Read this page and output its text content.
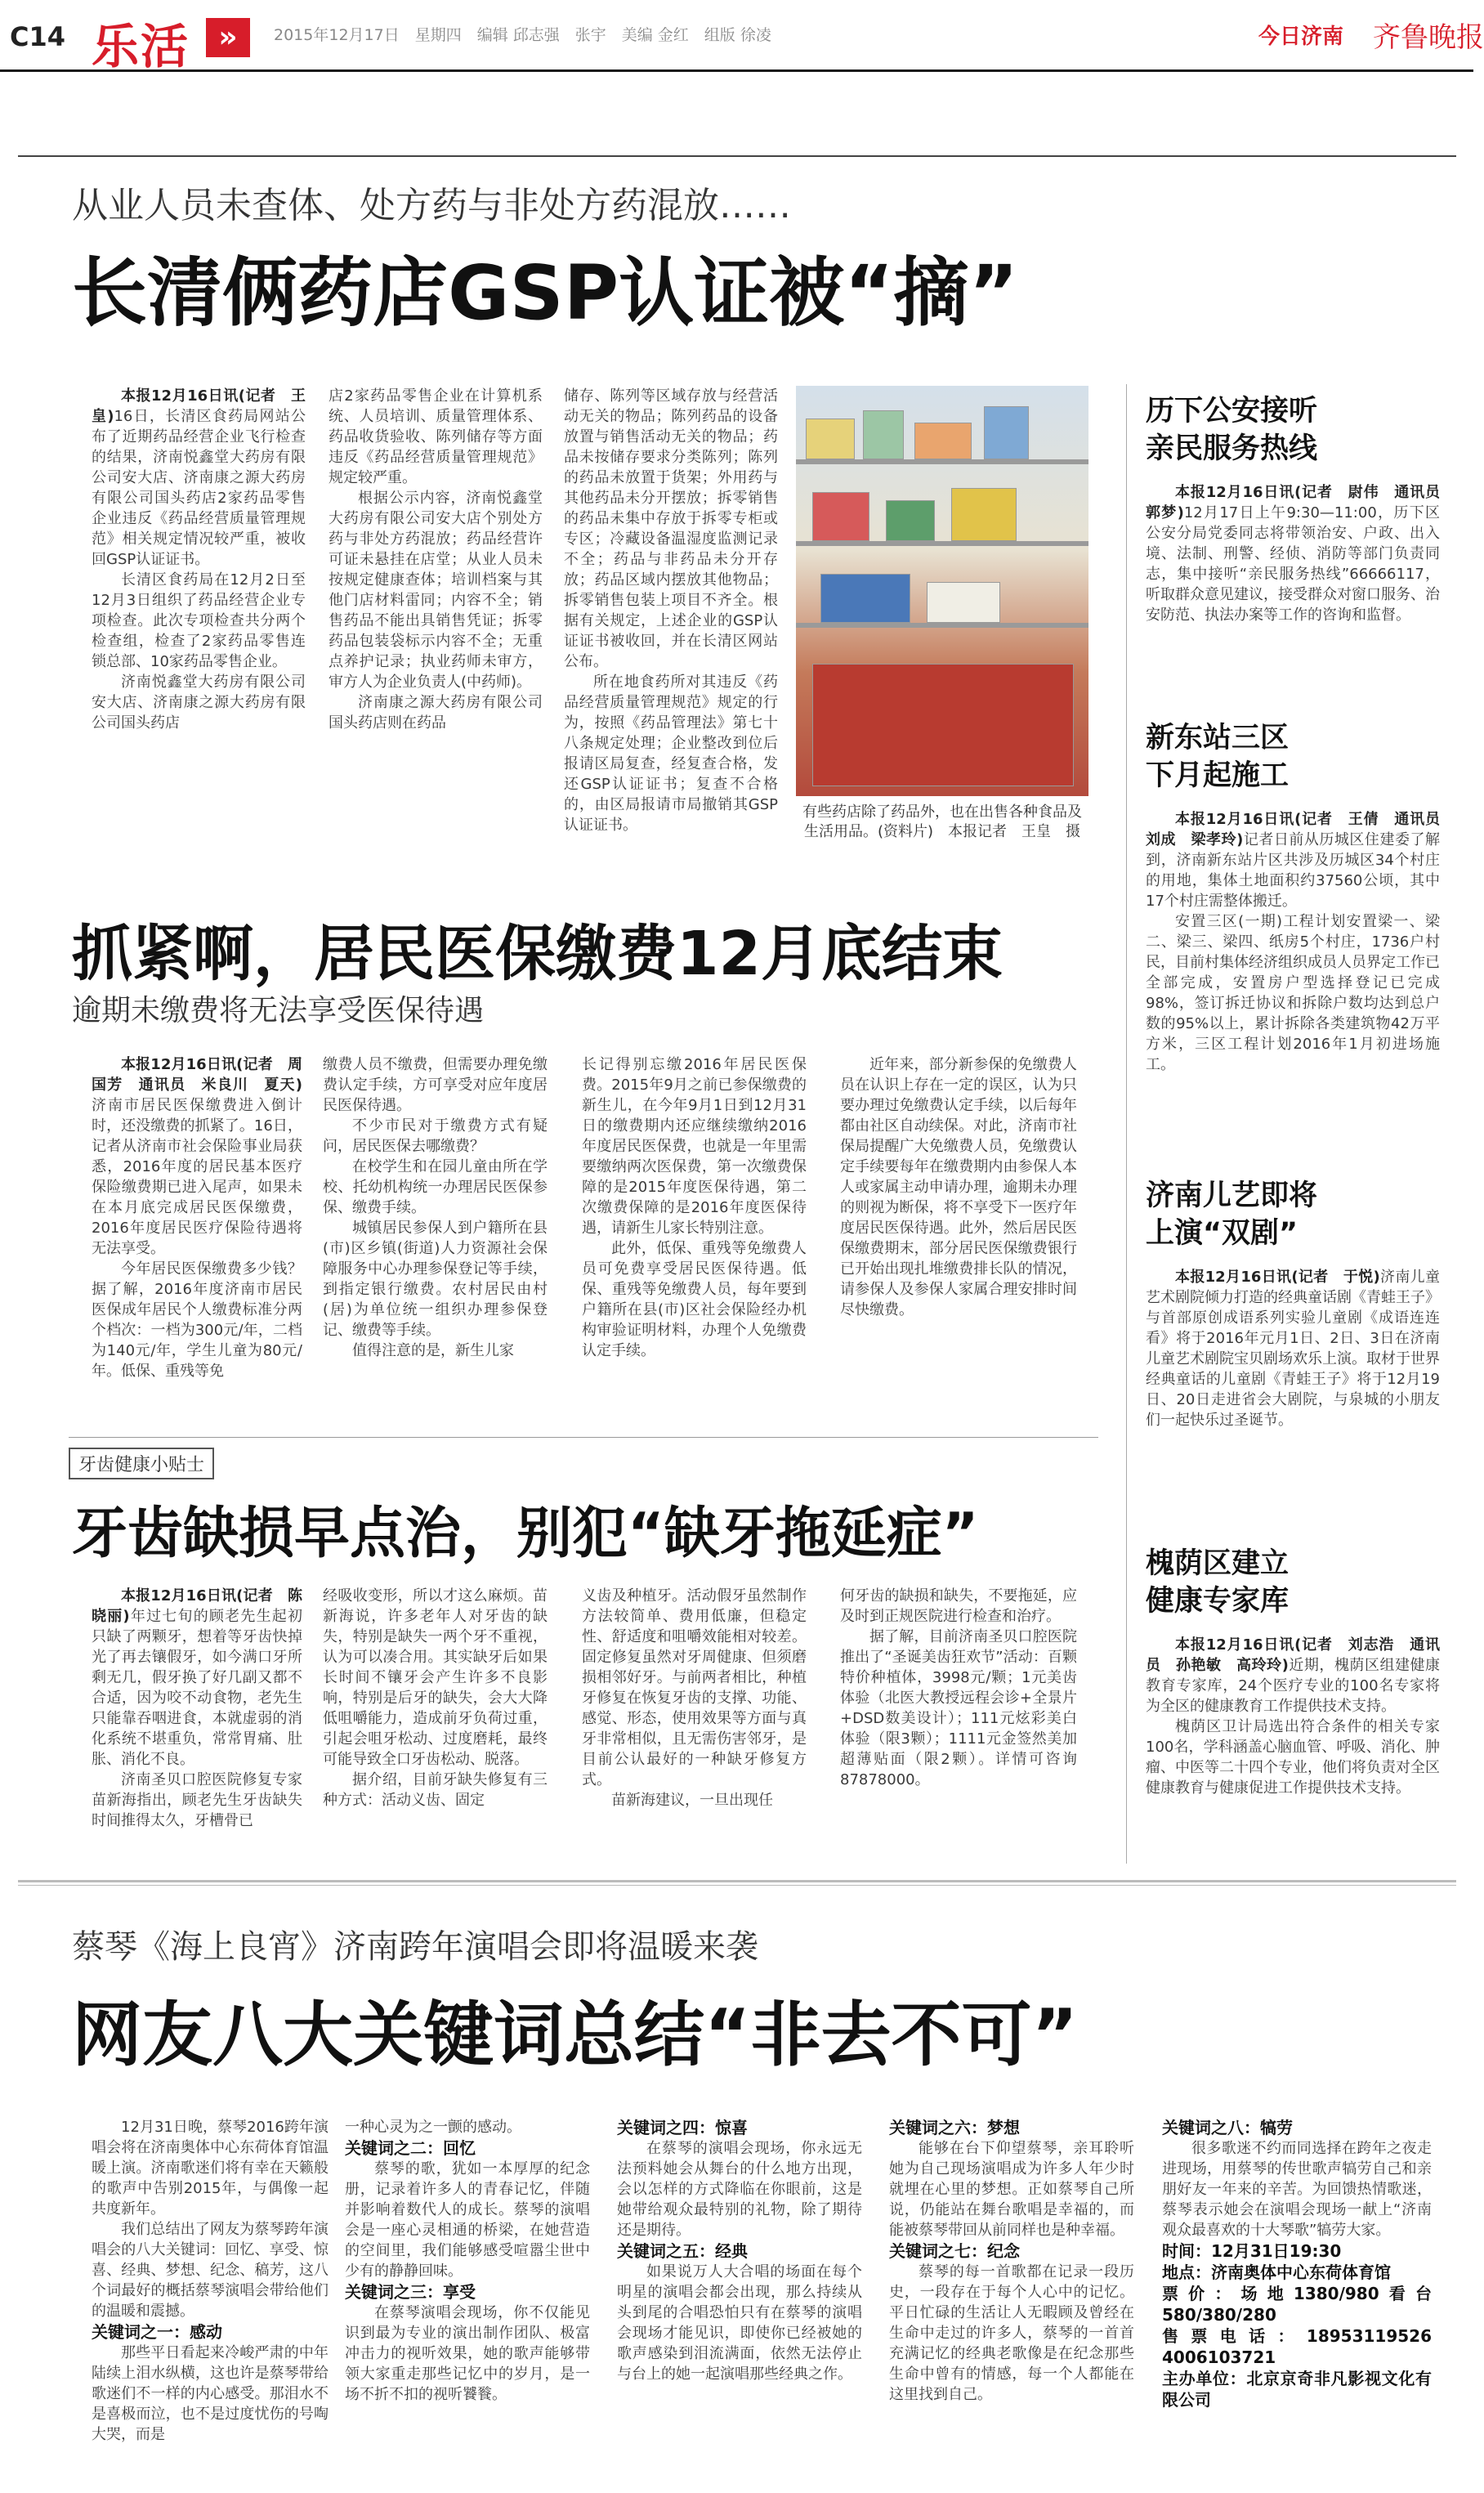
C14 乐活 »	2015年12月17日　星期四　编辑 邱志强　张宇　美编 金红　组版 徐凌	今日济南 齐鲁晚报
从业人员未查体、处方药与非处方药混放……
长清俩药店GSP认证被“摘”

本报12月16日讯(记者　王皇)16日，长清区食药局网站公布了近期药品经营企业飞行检查的结果，济南悦鑫堂大药房有限公司安大店、济南康之源大药房有限公司国头药店2家药品零售企业违反《药品经营质量管理规范》相关规定情况较严重，被收回GSP认证证书。

长清区食药局在12月2日至12月3日组织了药品经营企业专项检查。此次专项检查共分两个检查组，检查了2家药品零售连锁总部、10家药品零售企业。

济南悦鑫堂大药房有限公司安大店、济南康之源大药房有限公司国头药店

店2家药品零售企业在计算机系统、人员培训、质量管理体系、药品收货验收、陈列储存等方面违反《药品经营质量管理规范》规定较严重。

根据公示内容，济南悦鑫堂大药房有限公司安大店个别处方药与非处方药混放；药品经营许可证未悬挂在店堂；从业人员未按规定健康查体；培训档案与其他门店材料雷同；内容不全；销售药品不能出具销售凭证；拆零药品包装袋标示内容不全；无重点养护记录；执业药师未审方，审方人为企业负责人(中药师)。

济南康之源大药房有限公司国头药店则在药品

储存、陈列等区域存放与经营活动无关的物品；陈列药品的设备放置与销售活动无关的物品；药品未按储存要求分类陈列；陈列的药品未放置于货架；外用药与其他药品未分开摆放；拆零销售的药品未集中存放于拆零专柜或专区；冷藏设备温湿度监测记录不全；药品与非药品未分开存放；药品区域内摆放其他物品；拆零销售包装上项目不齐全。根据有关规定，上述企业的GSP认证证书被收回，并在长清区网站公布。

所在地食药所对其违反《药品经营质量管理规范》规定的行为，按照《药品管理法》第七十八条规定处理；企业整改到位后报请区局复查，经复查合格，发还GSP认证证书；复查不合格的，由区局报请市局撤销其GSP认证证书。

有些药店除了药品外，也在出售各种食品及生活用品。(资料片)　本报记者　王皇　摄
抓紧啊，居民医保缴费12月底结束
逾期未缴费将无法享受医保待遇

本报12月16日讯(记者　周国芳　通讯员　米良川　夏天)济南市居民医保缴费进入倒计时，还没缴费的抓紧了。16日，记者从济南市社会保险事业局获悉，2016年度的居民基本医疗保险缴费期已进入尾声，如果未在本月底完成居民医保缴费，2016年度居民医疗保险待遇将无法享受。

今年居民医保缴费多少钱？据了解，2016年度济南市居民医保成年居民个人缴费标准分两个档次：一档为300元/年，二档为140元/年，学生儿童为80元/年。低保、重残等免

缴费人员不缴费，但需要办理免缴费认定手续，方可享受对应年度居民医保待遇。

不少市民对于缴费方式有疑问，居民医保去哪缴费？

在校学生和在园儿童由所在学校、托幼机构统一办理居民医保参保、缴费手续。

城镇居民参保人到户籍所在县(市)区乡镇(街道)人力资源社会保障服务中心办理参保登记等手续，到指定银行缴费。农村居民由村(居)为单位统一组织办理参保登记、缴费等手续。

值得注意的是，新生儿家

长记得别忘缴2016年居民医保费。2015年9月之前已参保缴费的新生儿，在今年9月1日到12月31日的缴费期内还应继续缴纳2016年度居民医保费，也就是一年里需要缴纳两次医保费，第一次缴费保障的是2015年度医保待遇，第二次缴费保障的是2016年度医保待遇，请新生儿家长特别注意。

此外，低保、重残等免缴费人员可免费享受居民医保待遇。低保、重残等免缴费人员，每年要到户籍所在县(市)区社会保险经办机构审验证明材料，办理个人免缴费认定手续。

近年来，部分新参保的免缴费人员在认识上存在一定的误区，认为只要办理过免缴费认定手续，以后每年都由社区自动续保。对此，济南市社保局提醒广大免缴费人员，免缴费认定手续要每年在缴费期内由参保人本人或家属主动申请办理，逾期未办理的则视为断保，将不享受下一医疗年度居民医保待遇。此外，然后居民医保缴费期末，部分居民医保缴费银行已开始出现扎堆缴费排长队的情况，请参保人及参保人家属合理安排时间尽快缴费。

牙齿健康小贴士
牙齿缺损早点治，别犯“缺牙拖延症”

本报12月16日讯(记者　陈晓丽)年过七旬的顾老先生起初只缺了两颗牙，想着等牙齿快掉光了再去镶假牙，如今满口牙所剩无几，假牙换了好几副又都不合适，因为咬不动食物，老先生只能靠吞咽进食，本就虚弱的消化系统不堪重负，常常胃痛、肚胀、消化不良。

济南圣贝口腔医院修复专家苗新海指出，顾老先生牙齿缺失时间推得太久，牙槽骨已

经吸收变形，所以才这么麻烦。苗新海说，许多老年人对牙齿的缺失，特别是缺失一两个牙不重视，认为可以凑合用。其实缺牙后如果长时间不镶牙会产生许多不良影响，特别是后牙的缺失，会大大降低咀嚼能力，造成前牙负荷过重，引起会咀牙松动、过度磨耗，最终可能导致全口牙齿松动、脱落。

据介绍，目前牙缺失修复有三种方式：活动义齿、固定

义齿及种植牙。活动假牙虽然制作方法较简单、费用低廉，但稳定性、舒适度和咀嚼效能相对较差。固定修复虽然对牙周健康、但须磨损相邻好牙。与前两者相比，种植牙修复在恢复牙齿的支撑、功能、感觉、形态，使用效果等方面与真牙非常相似，且无需伤害邻牙，是目前公认最好的一种缺牙修复方式。

苗新海建议，一旦出现任

何牙齿的缺损和缺失，不要拖延，应及时到正规医院进行检查和治疗。

据了解，目前济南圣贝口腔医院推出了“圣诞美齿狂欢节”活动：百颗特价种植体，3998元/颗；1元美齿体验（北医大教授远程会诊+全景片+DSD数美设计）；111元炫彩美白体验（限3颗）；1111元金签然美加超薄贴面（限2颗）。详情可咨询87878000。

历下公安接听
亲民服务热线

本报12月16日讯(记者　尉伟　通讯员　郭梦)12月17日上午9:30—11:00，历下区公安分局党委同志将带领治安、户政、出入境、法制、刑警、经侦、消防等部门负责同志，集中接听“亲民服务热线”66666117，听取群众意见建议，接受群众对窗口服务、治安防范、执法办案等工作的咨询和监督。

新东站三区
下月起施工

本报12月16日讯(记者　王倩　通讯员　刘成　梁孝玲)记者日前从历城区住建委了解到，济南新东站片区共涉及历城区34个村庄的用地，集体土地面积约37560公顷，其中17个村庄需整体搬迁。

安置三区(一期)工程计划安置梁一、梁二、梁三、梁四、纸房5个村庄，1736户村民，目前村集体经济组织成员人员界定工作已全部完成，安置房户型选择登记已完成98%，签订拆迁协议和拆除户数均达到总户数的95%以上，累计拆除各类建筑物42万平方米，三区工程计划2016年1月初进场施工。

济南儿艺即将
上演“双剧”

本报12月16日讯(记者　于悦)济南儿童艺术剧院倾力打造的经典童话剧《青蛙王子》与首部原创成语系列实验儿童剧《成语连连看》将于2016年元月1日、2日、3日在济南儿童艺术剧院宝贝剧场欢乐上演。取材于世界经典童话的儿童剧《青蛙王子》将于12月19日、20日走进省会大剧院，与泉城的小朋友们一起快乐过圣诞节。

槐荫区建立
健康专家库

本报12月16日讯(记者　刘志浩　通讯员　孙艳敏　高玲玲)近期，槐荫区组建健康教育专家库，24个医疗专业的100名专家将为全区的健康教育工作提供技术支持。

槐荫区卫计局选出符合条件的相关专家100名，学科涵盖心脑血管、呼吸、消化、肿瘤、中医等二十四个专业，他们将负责对全区健康教育与健康促进工作提供技术支持。

蔡琴《海上良宵》济南跨年演唱会即将温暖来袭
网友八大关键词总结“非去不可”

12月31日晚，蔡琴2016跨年演唱会将在济南奥体中心东荷体育馆温暖上演。济南歌迷们将有幸在天籁般的歌声中告别2015年，与偶像一起共度新年。

我们总结出了网友为蔡琴跨年演唱会的八大关键词：回忆、享受、惊喜、经典、梦想、纪念、稿芳，这八个词最好的概括蔡琴演唱会带给他们的温暖和震撼。

关键词之一：感动

那些平日看起来冷峻严肃的中年陆续上泪水纵横，这也许是蔡琴带给歌迷们不一样的内心感受。那泪水不是喜极而泣，也不是过度忧伤的号啕大哭，而是

一种心灵为之一颤的感动。

关键词之二：回忆

蔡琴的歌，犹如一本厚厚的纪念册，记录着许多人的青春记忆，伴随并影响着数代人的成长。蔡琴的演唱会是一座心灵相通的桥梁，在她营造的空间里，我们能够感受喧嚣尘世中少有的静静回味。

关键词之三：享受

在蔡琴演唱会现场，你不仅能见识到最为专业的演出制作团队、极富冲击力的视听效果，她的歌声能够带领大家重走那些记忆中的岁月，是一场不折不扣的视听饕餮。

关键词之四：惊喜

在蔡琴的演唱会现场，你永远无法预料她会从舞台的什么地方出现，会以怎样的方式降临在你眼前，这是她带给观众最特别的礼物，除了期待还是期待。

关键词之五：经典

如果说万人大合唱的场面在每个明星的演唱会都会出现，那么持续从头到尾的合唱恐怕只有在蔡琴的演唱会现场才能见识，即使你已经被她的歌声感染到泪流满面，依然无法停止与台上的她一起演唱那些经典之作。

关键词之六：梦想

能够在台下仰望蔡琴，亲耳聆听她为自己现场演唱成为许多人年少时就埋在心里的梦想。正如蔡琴自己所说，仍能站在舞台歌唱是幸福的，而能被蔡琴带回从前同样也是种幸福。

关键词之七：纪念

蔡琴的每一首歌都在记录一段历史，一段存在于每个人心中的记忆。平日忙碌的生活让人无暇顾及曾经在生命中走过的许多人，蔡琴的一首首充满记忆的经典老歌像是在纪念那些生命中曾有的情感，每一个人都能在这里找到自己。

关键词之八：犒劳

很多歌迷不约而同选择在跨年之夜走进现场，用蔡琴的传世歌声犒劳自己和亲朋好友一年来的辛苦。为回馈热情歌迷，蔡琴表示她会在演唱会现场一献上“济南观众最喜欢的十大琴歌”犒劳大家。

时间：12月31日19:30
地点：济南奥体中心东荷体育馆
票价：场地1380/980看台580/380/280
售票电话：18953119526　4006103721
主办单位：北京京奇非凡影视文化有限公司
